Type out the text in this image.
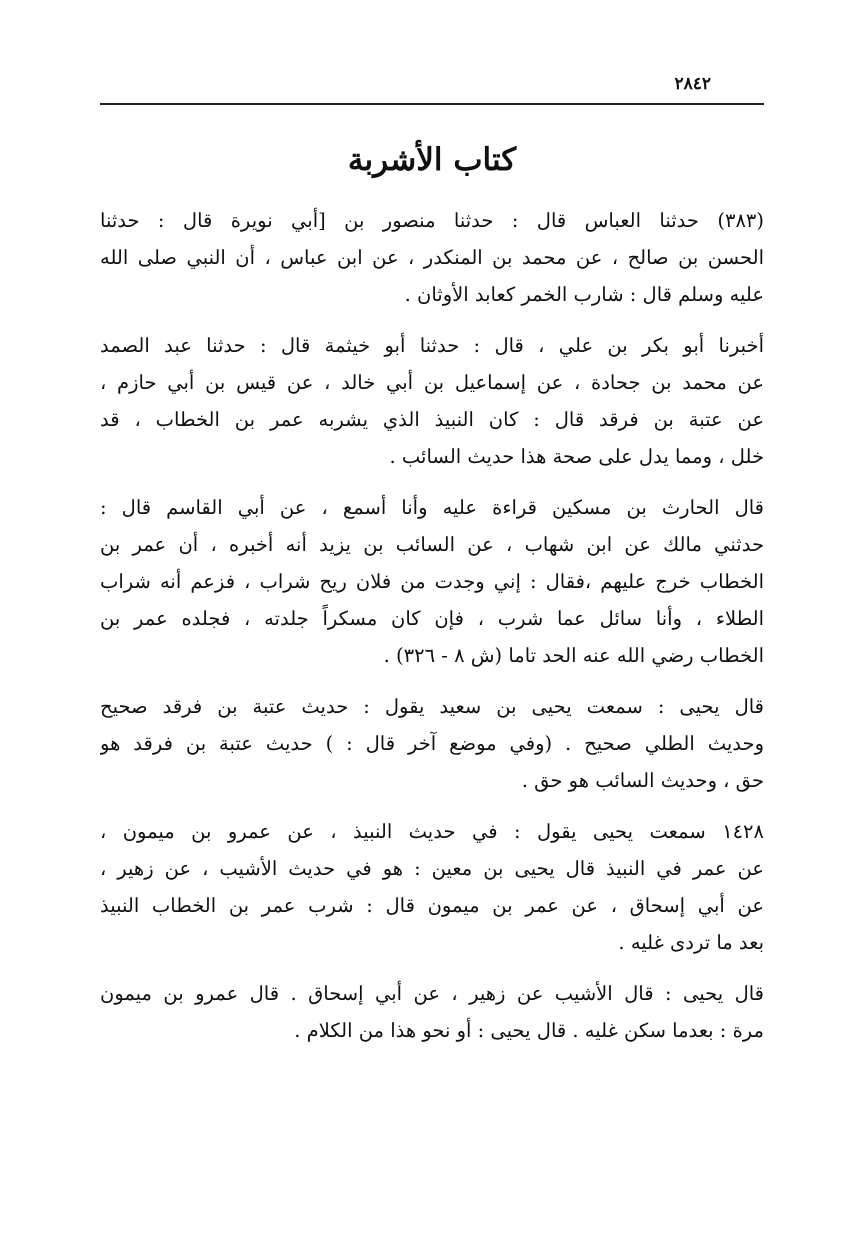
٢٨٤٢
كتاب الأشربة
(٣٨٣) حدثنا العباس قال : حدثنا منصور بن [أبي نويرة قال : حدثنا
الحسن بن صالح ، عن محمد بن المنكدر ، عن ابن عباس ، أن النبي صلى الله
عليه وسلم قال : شارب الخمر كعابد الأوثان .
أخبرنا أبو بكر بن علي ، قال : حدثنا أبو خيثمة قال : حدثنا عبد الصمد
عن محمد بن جحادة ، عن إسماعيل بن أبي خالد ، عن قيس بن أبي حازم ،
عن عتبة بن فرقد قال : كان النبيذ الذي يشربه عمر بن الخطاب ، قد
خلل ، ومما يدل على صحة هذا حديث السائب .
قال الحارث بن مسكين قراءة عليه وأنا أسمع ، عن أبي القاسم قال :
حدثني مالك عن ابن شهاب ، عن السائب بن يزيد أنه أخبره ، أن عمر بن
الخطاب خرج عليهم ،فقال : إني وجدت من فلان ريح شراب ، فزعم أنه شراب
الطلاء ، وأنا سائل عما شرب ، فإن كان مسكراً جلدته ، فجلده عمر بن
الخطاب رضي الله عنه الحد تاما (ش ٨ - ٣٢٦) .
قال يحيى : سمعت يحيى بن سعيد يقول : حديث عتبة بن فرقد صحيح
وحديث الطلي صحيح . (وفي موضع آخر قال : ) حديث عتبة بن فرقد هو
حق ، وحديث السائب هو حق .
١٤٢٨ سمعت يحيى يقول : في حديث النبيذ ، عن عمرو بن ميمون ،
عن عمر في النبيذ قال يحيى بن معين : هو في حديث الأشيب ، عن زهير ،
عن أبي إسحاق ، عن عمر بن ميمون قال : شرب عمر بن الخطاب النبيذ
بعد ما تردى غليه .
قال يحيى : قال الأشيب عن زهير ، عن أبي إسحاق . قال عمرو بن ميمون
مرة : بعدما سكن غليه . قال يحيى : أو نحو هذا من الكلام .
